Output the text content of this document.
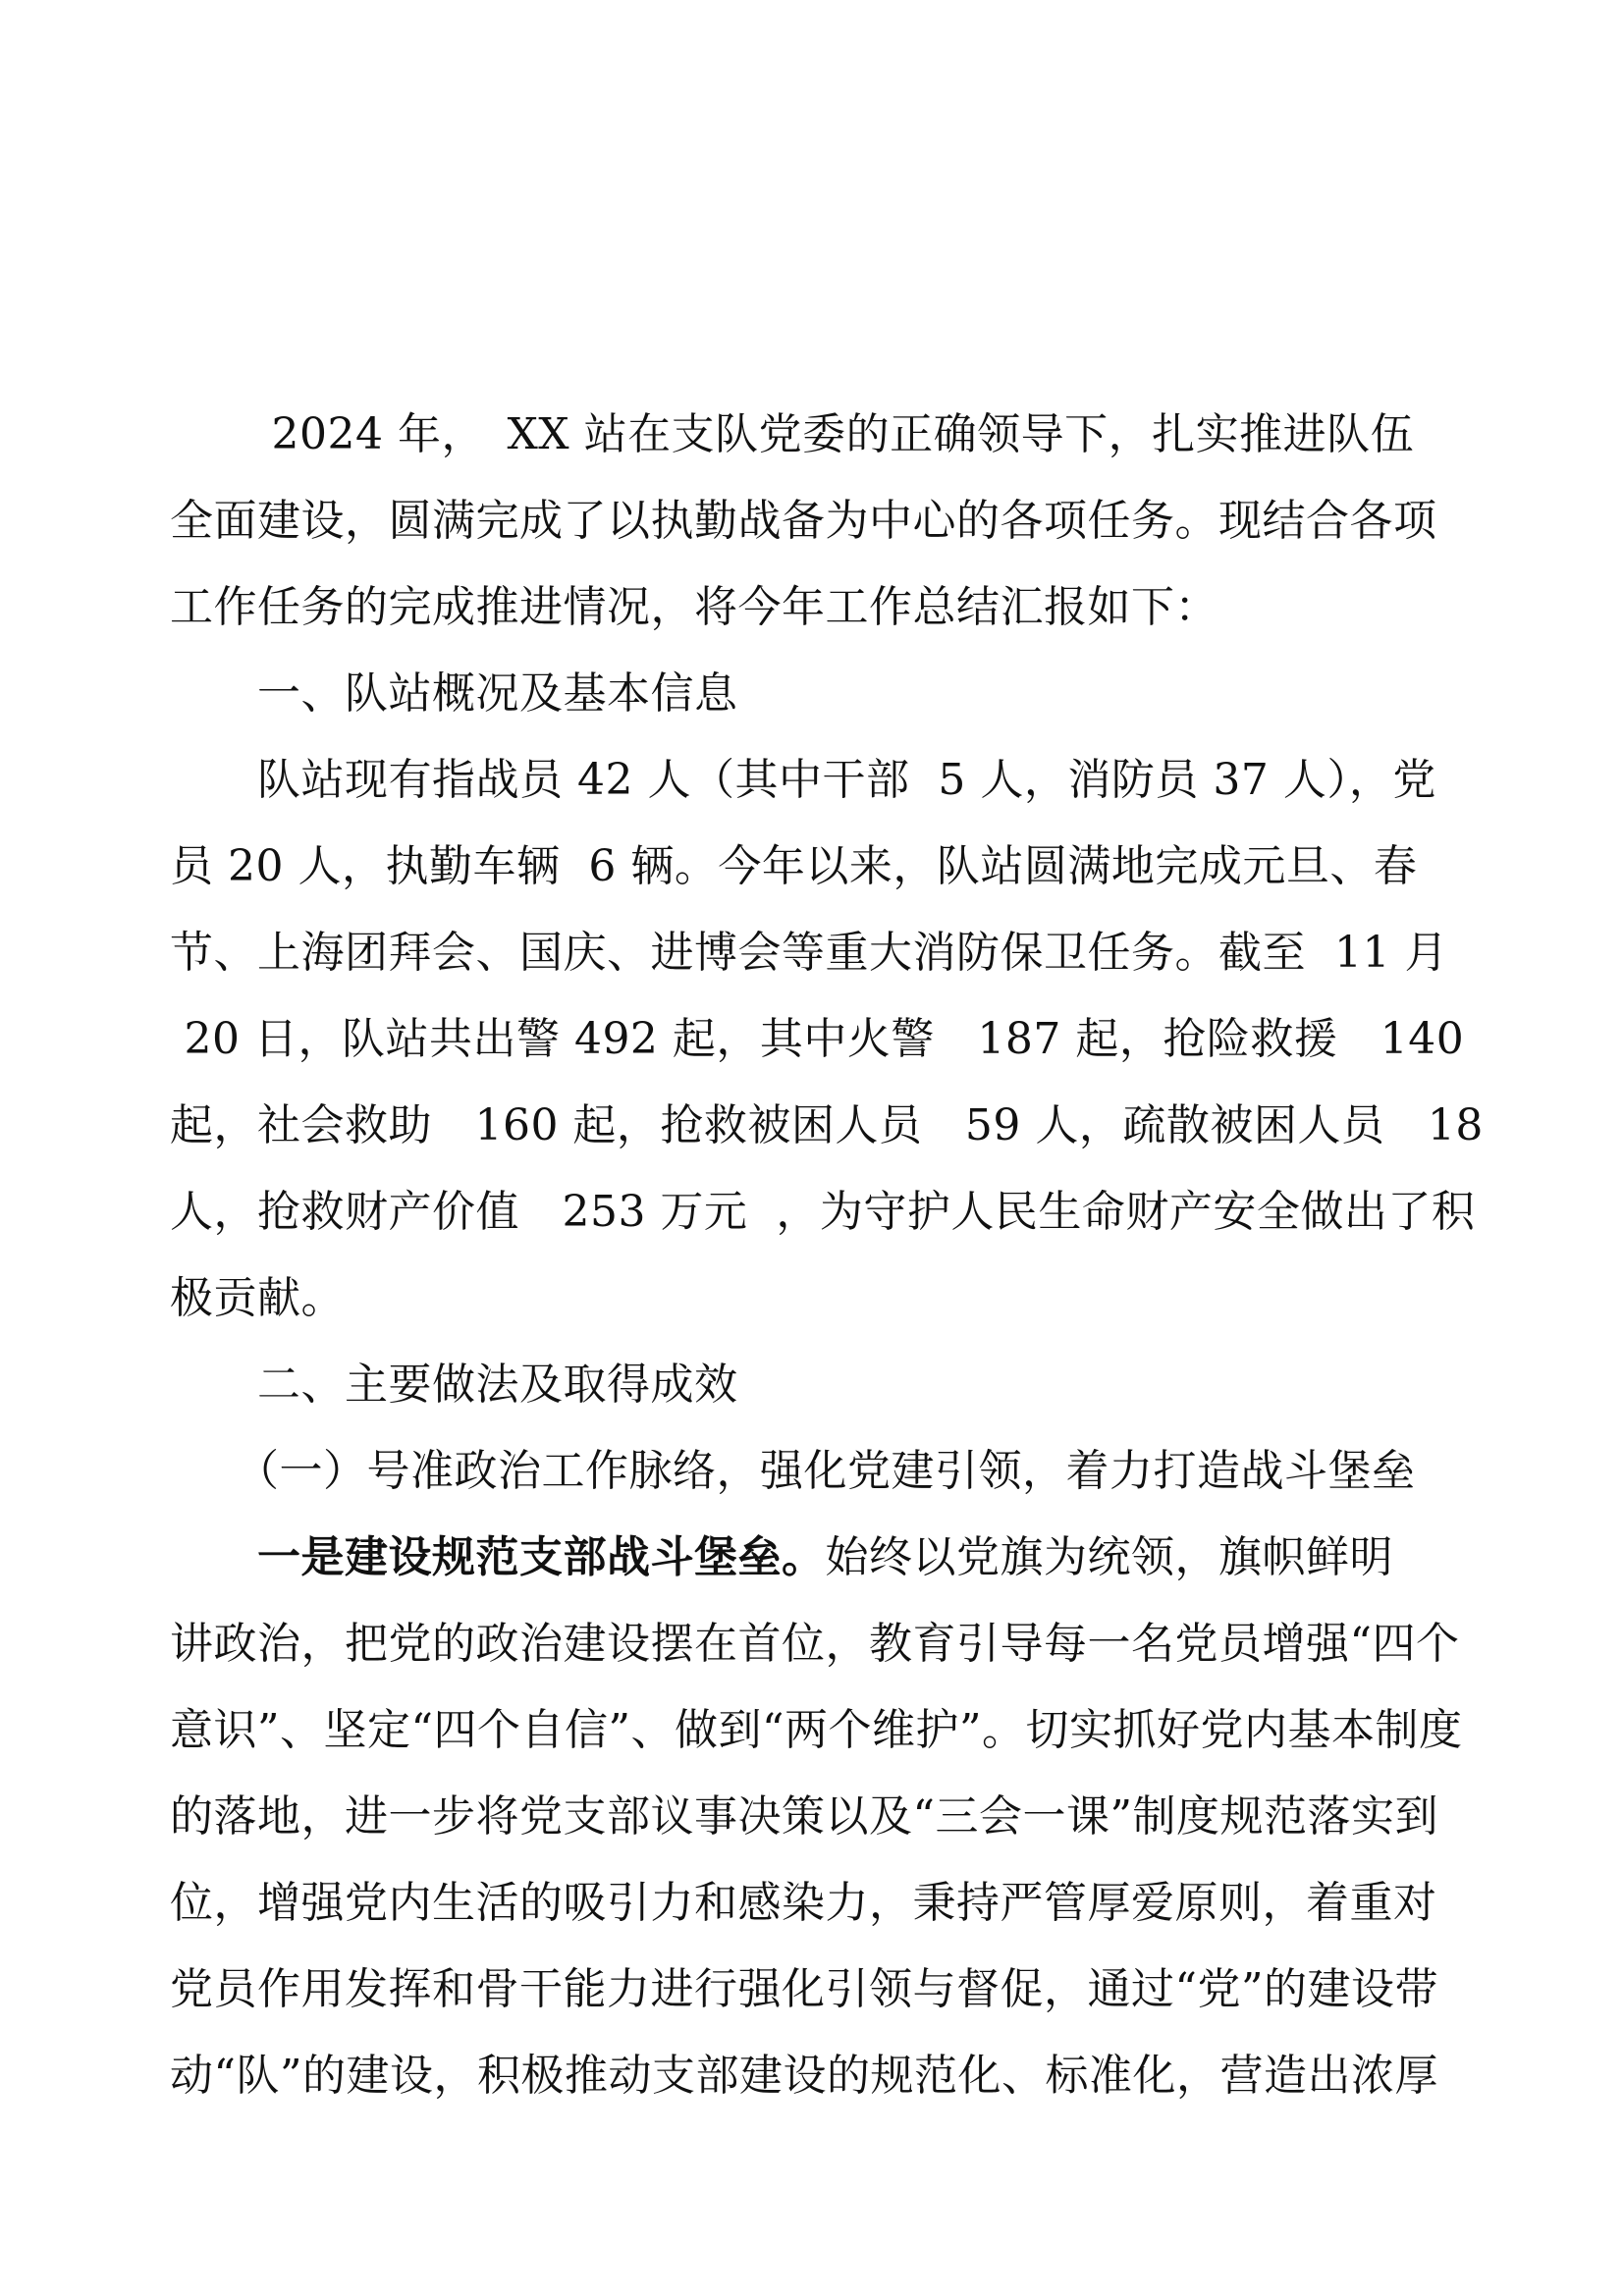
　　 2024 年，　XX 站在支队党委的正确领导下，扎实推进队伍
全面建设，圆满完成了以执勤战备为中心的各项任务。现结合各项
工作任务的完成推进情况，将今年工作总结汇报如下：
　　一、队站概况及基本信息
　　队站现有指战员 42 人（其中干部  5 人，消防员 37 人），党
员 20 人，执勤车辆  6 辆。今年以来，队站圆满地完成元旦、春
节、上海团拜会、国庆、进博会等重大消防保卫任务。截至  11 月
20 日，队站共出警 492 起，其中火警   187 起，抢险救援   140
起，社会救助   160 起，抢救被困人员   59 人，疏散被困人员   18
人，抢救财产价值   253 万元  ，为守护人民生命财产安全做出了积
极贡献。
　　二、主要做法及取得成效
　　（一）号准政治工作脉络，强化党建引领，着力打造战斗堡垒
　　一是建设规范支部战斗堡垒。始终以党旗为统领，旗帜鲜明
讲政治，把党的政治建设摆在首位，教育引导每一名党员增强“四个
意识”、坚定“四个自信”、做到“两个维护”。切实抓好党内基本制度
的落地，进一步将党支部议事决策以及“三会一课”制度规范落实到
位，增强党内生活的吸引力和感染力，秉持严管厚爱原则，着重对
党员作用发挥和骨干能力进行强化引领与督促，通过“党”的建设带
动“队”的建设，积极推动支部建设的规范化、标准化，营造出浓厚
